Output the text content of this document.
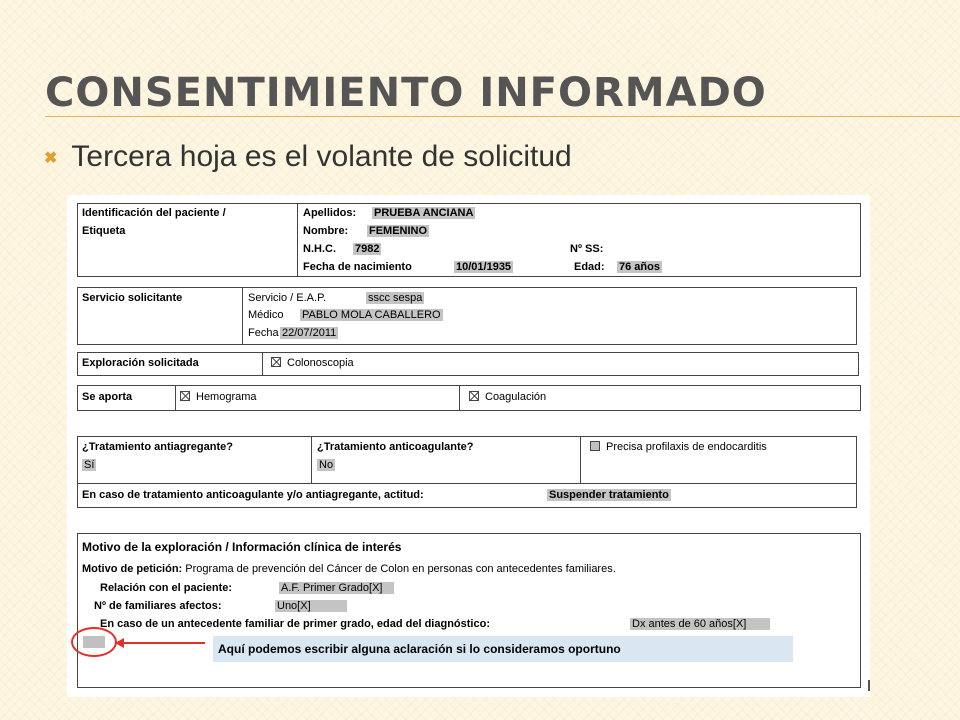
CONSENTIMIENTO INFORMADO
✖ Tercera hoja es el volante de solicitud
Identificación del paciente /
Etiqueta
Apellidos: PRUEBA ANCIANA
Nombre: FEMENINO
N.H.C. 7982	Nº SS:
Fecha de nacimiento	10/01/1935	Edad: 76 años
Servicio solicitante	Servicio / E.A.P.	sscc sespa
Médico PABLO MOLA CABALLERO
Fecha 22/07/2011
Exploración solicitada	Colonoscopia
Se aporta	Hemograma	Coagulación
¿Tratamiento antiagregante?
Sí
¿Tratamiento anticoagulante?
No
Precisa profilaxis de endocarditis
En caso de tratamiento anticoagulante y/o antiagregante, actitud:	Suspender tratamiento
Motivo de la exploración / Información clínica de interés
Motivo de petición: Programa de prevención del Cáncer de Colon en personas con antecedentes familiares.
Relación con el paciente:	A.F. Primer Grado[X]
Nº de familiares afectos:	Uno[X]
En caso de un antecedente familiar de primer grado, edad del diagnóstico:	Dx antes de 60 años[X]
Aquí podemos escribir alguna aclaración si lo consideramos oportuno
